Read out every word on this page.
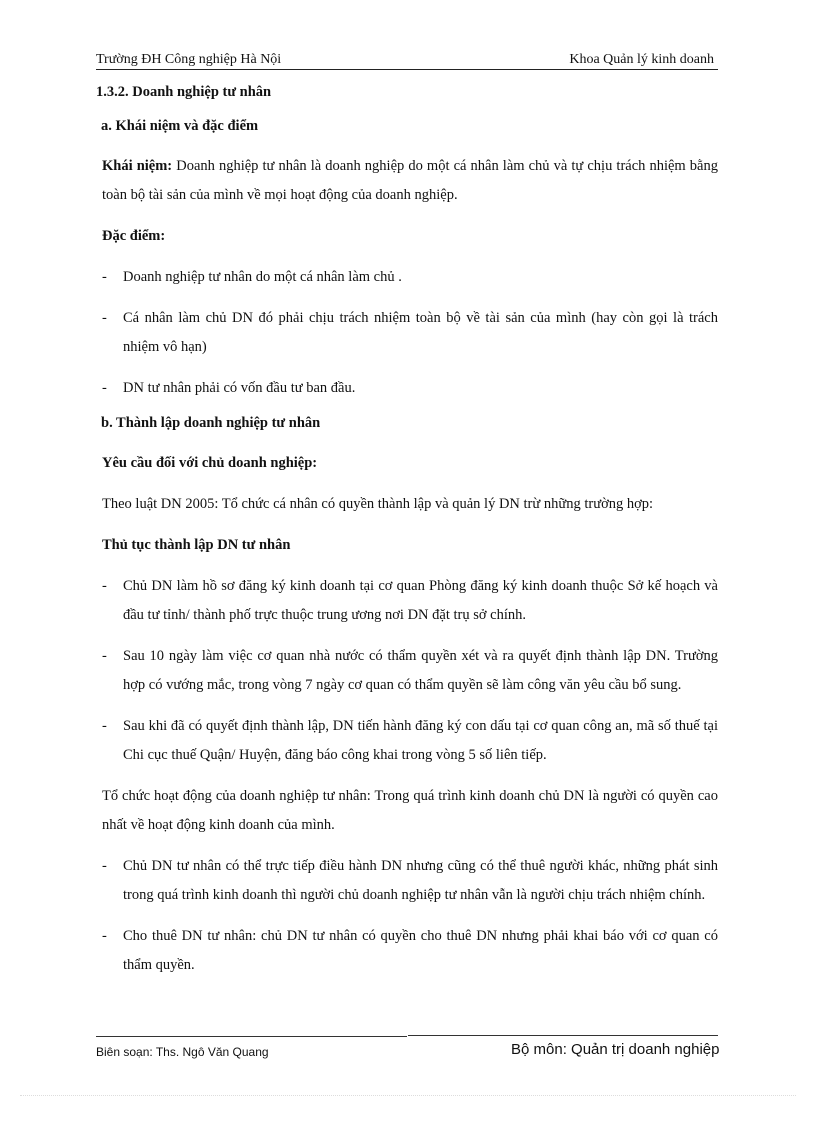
Trường ĐH Công nghiệp Hà Nội	Khoa Quản lý kinh doanh

1.3.2. Doanh nghiệp tư nhân

a. Khái niệm và đặc điểm

Khái niệm: Doanh nghiệp tư nhân là doanh nghiệp do một cá nhân làm chủ và tự chịu trách nhiệm bằng toàn bộ tài sản của mình về mọi hoạt động của doanh nghiệp.

Đặc điểm:

- Doanh nghiệp tư nhân do một cá nhân làm chủ .
- Cá nhân làm chủ DN đó phải chịu trách nhiệm toàn bộ về tài sản của mình (hay còn gọi là trách nhiệm vô hạn)
- DN tư nhân phải có vốn đầu tư ban đầu.

b. Thành lập doanh nghiệp tư nhân

Yêu cầu đối với chủ doanh nghiệp:

Theo luật DN 2005: Tổ chức cá nhân có quyền thành lập và quản lý DN trừ những trường hợp:

Thủ tục thành lập DN tư nhân

- Chủ DN làm hồ sơ đăng ký kinh doanh tại cơ quan Phòng đăng ký kinh doanh thuộc Sở kế hoạch và đầu tư tỉnh/ thành phố trực thuộc trung ương nơi DN đặt trụ sở chính.
- Sau 10 ngày làm việc cơ quan nhà nước có thẩm quyền xét và ra quyết định thành lập DN. Trường hợp có vướng mắc, trong vòng 7 ngày cơ quan có thẩm quyền sẽ làm công văn yêu cầu bổ sung.
- Sau khi đã có quyết định thành lập, DN tiến hành đăng ký con dấu tại cơ quan công an, mã số thuế tại Chi cục thuế Quận/ Huyện, đăng báo công khai trong vòng 5 số liên tiếp.

Tổ chức hoạt động của doanh nghiệp tư nhân: Trong quá trình kinh doanh chủ DN là người có quyền cao nhất về hoạt động kinh doanh của mình.

- Chủ DN tư nhân có thể trực tiếp điều hành DN nhưng cũng có thể thuê người khác, những phát sinh trong quá trình kinh doanh thì người chủ doanh nghiệp tư nhân vẫn là người chịu trách nhiệm chính.
- Cho thuê DN tư nhân: chủ DN tư nhân có quyền cho thuê DN nhưng phải khai báo với cơ quan có thẩm quyền.
Biên soạn: Ths. Ngô Văn Quang	Bộ môn: Quản trị doanh nghiệp
